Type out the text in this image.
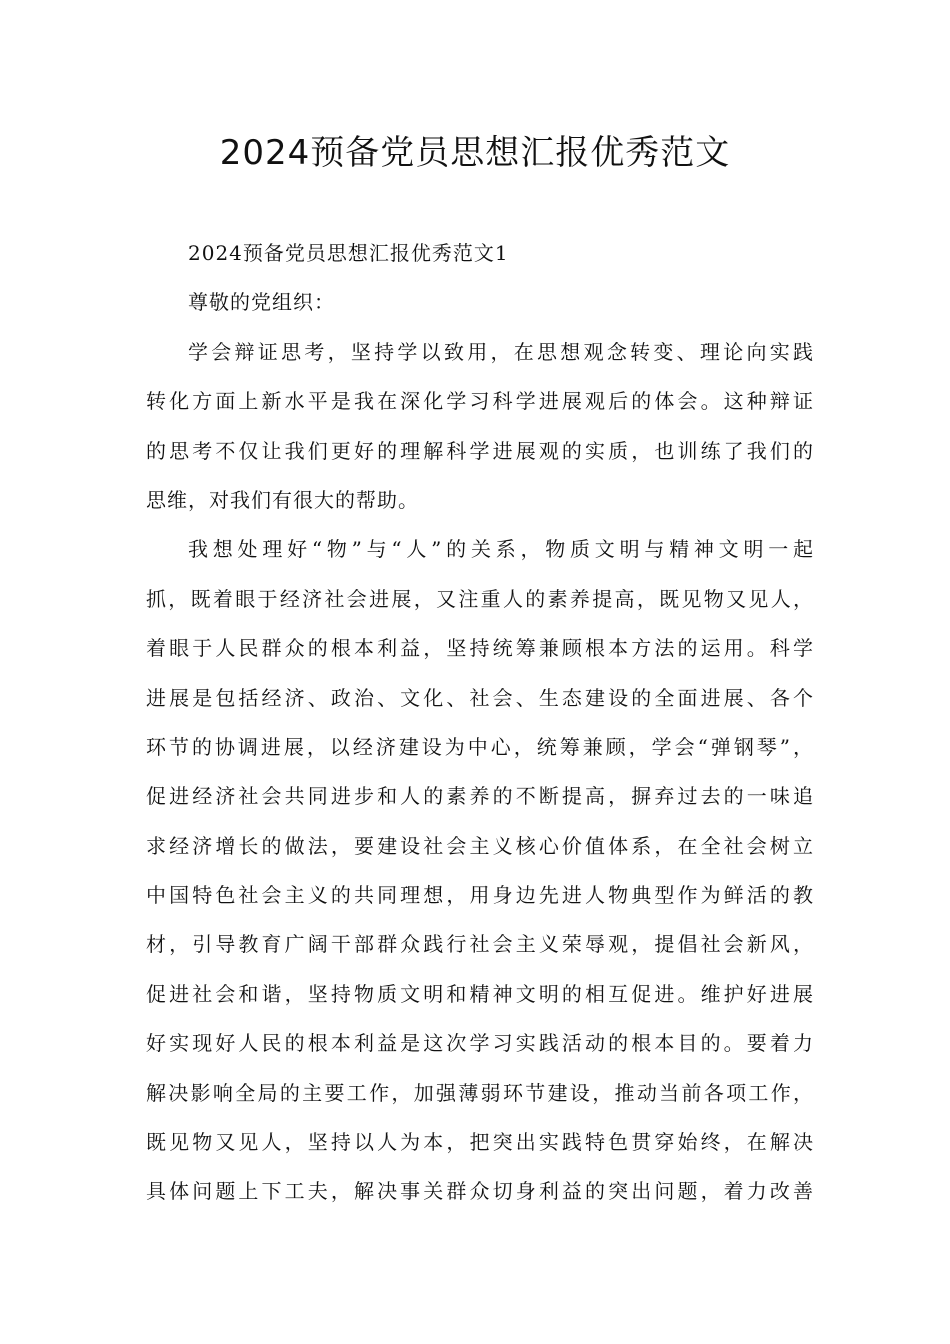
2024预备党员思想汇报优秀范文
2024预备党员思想汇报优秀范文1
尊敬的党组织：
学会辩证思考，坚持学以致用，在思想观念转变、理论向实践
转化方面上新水平是我在深化学习科学进展观后的体会。这种辩证
的思考不仅让我们更好的理解科学进展观的实质，也训练了我们的
思维，对我们有很大的帮助。
我想处理好“物”与“人”的关系，物质文明与精神文明一起
抓，既着眼于经济社会进展，又注重人的素养提高，既见物又见人，
着眼于人民群众的根本利益，坚持统筹兼顾根本方法的运用。科学
进展是包括经济、政治、文化、社会、生态建设的全面进展、各个
环节的协调进展，以经济建设为中心，统筹兼顾，学会“弹钢琴”，
促进经济社会共同进步和人的素养的不断提高，摒弃过去的一味追
求经济增长的做法，要建设社会主义核心价值体系，在全社会树立
中国特色社会主义的共同理想，用身边先进人物典型作为鲜活的教
材，引导教育广阔干部群众践行社会主义荣辱观，提倡社会新风，
促进社会和谐，坚持物质文明和精神文明的相互促进。维护好进展
好实现好人民的根本利益是这次学习实践活动的根本目的。要着力
解决影响全局的主要工作，加强薄弱环节建设，推动当前各项工作，
既见物又见人，坚持以人为本，把突出实践特色贯穿始终，在解决
具体问题上下工夫，解决事关群众切身利益的突出问题，着力改善
